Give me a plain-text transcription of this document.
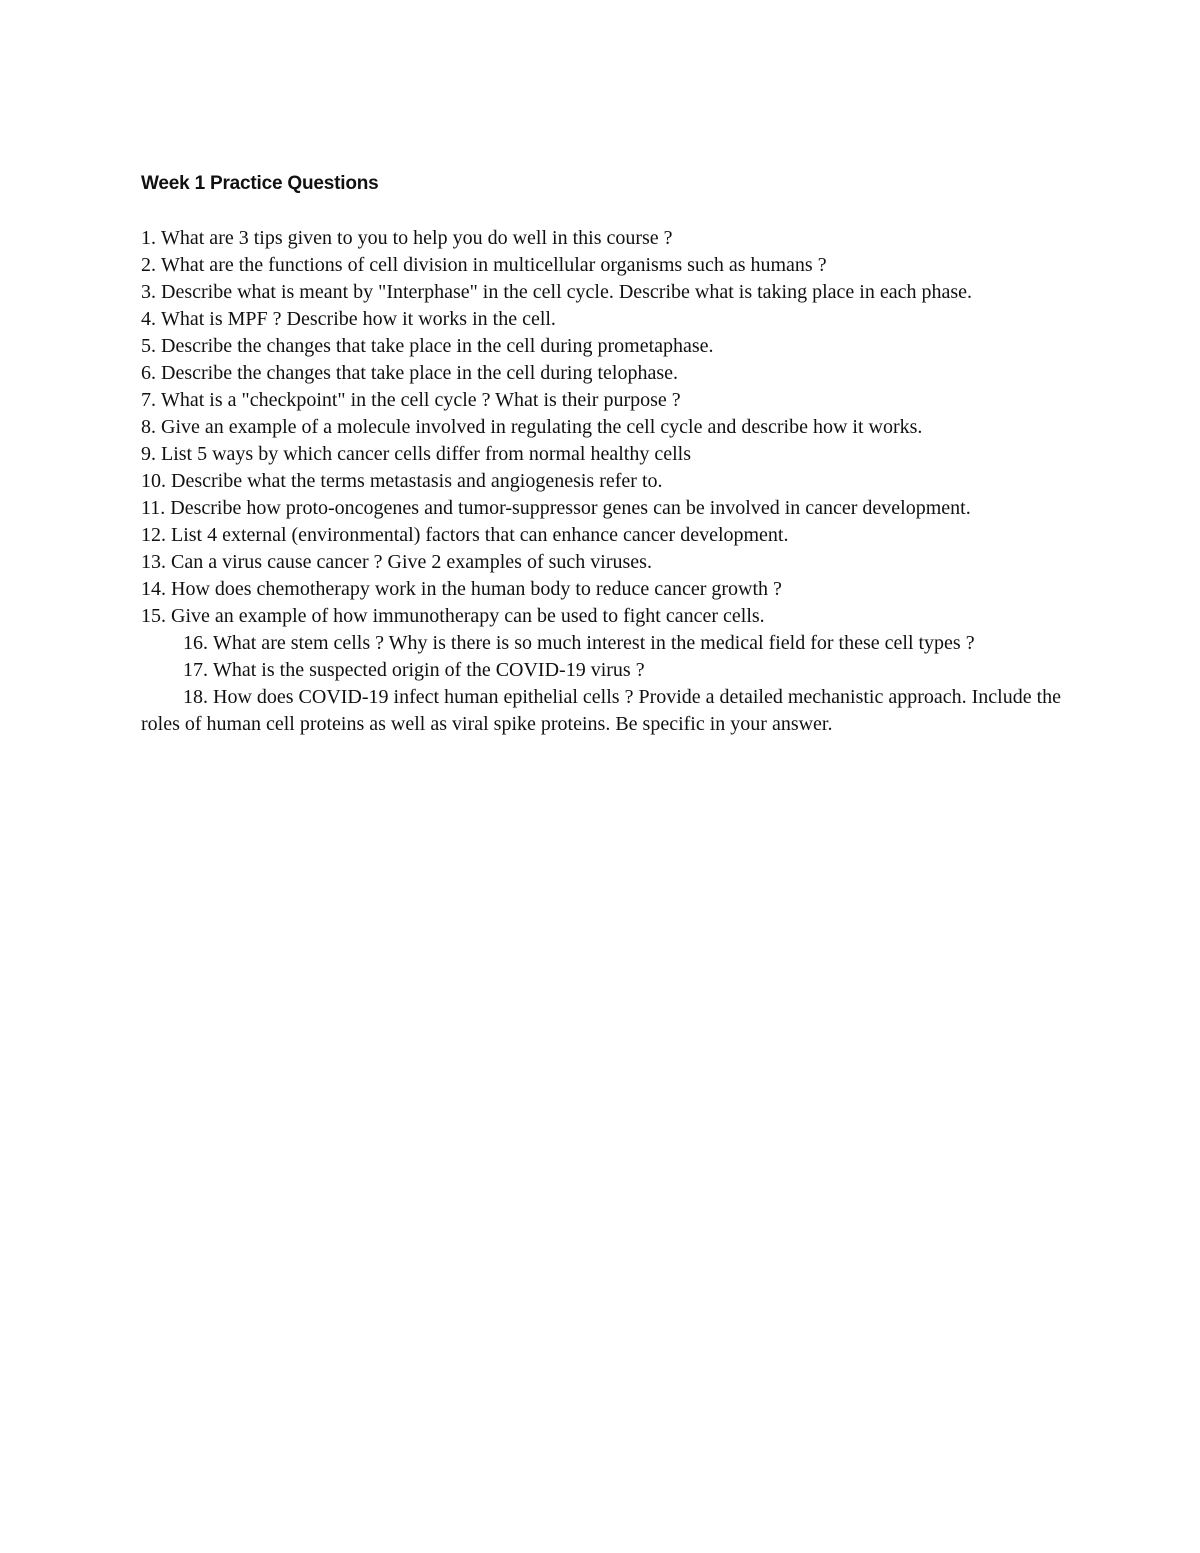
Week 1 Practice Questions
1. What are 3 tips given to you to help you do well in this course ?
2. What are the functions of cell division in multicellular organisms such as humans ?
3. Describe what is meant by "Interphase" in the cell cycle. Describe what is taking place in each phase.
4. What is MPF ? Describe how it works in the cell.
5. Describe the changes that take place in the cell during prometaphase.
6. Describe the changes that take place in the cell during telophase.
7. What is a "checkpoint" in the cell cycle ? What is their purpose ?
8. Give an example of a molecule involved in regulating the cell cycle and describe how it works.
9. List 5 ways by which cancer cells differ from normal healthy cells
10. Describe what the terms metastasis and angiogenesis refer to.
11. Describe how proto-oncogenes and tumor-suppressor genes can be involved in cancer development.
12. List 4 external (environmental) factors that can enhance cancer development.
13. Can a virus cause cancer ? Give 2 examples of such viruses.
14. How does chemotherapy work in the human body to reduce cancer growth ?
15. Give an example of how immunotherapy can be used to fight cancer cells.
16. What are stem cells ? Why is there is so much interest in the medical field for these cell types ?
17. What is the suspected origin of the COVID-19 virus ?
18. How does COVID-19 infect human epithelial cells ? Provide a detailed mechanistic approach. Include the roles of human cell proteins as well as viral spike proteins. Be specific in your answer.
